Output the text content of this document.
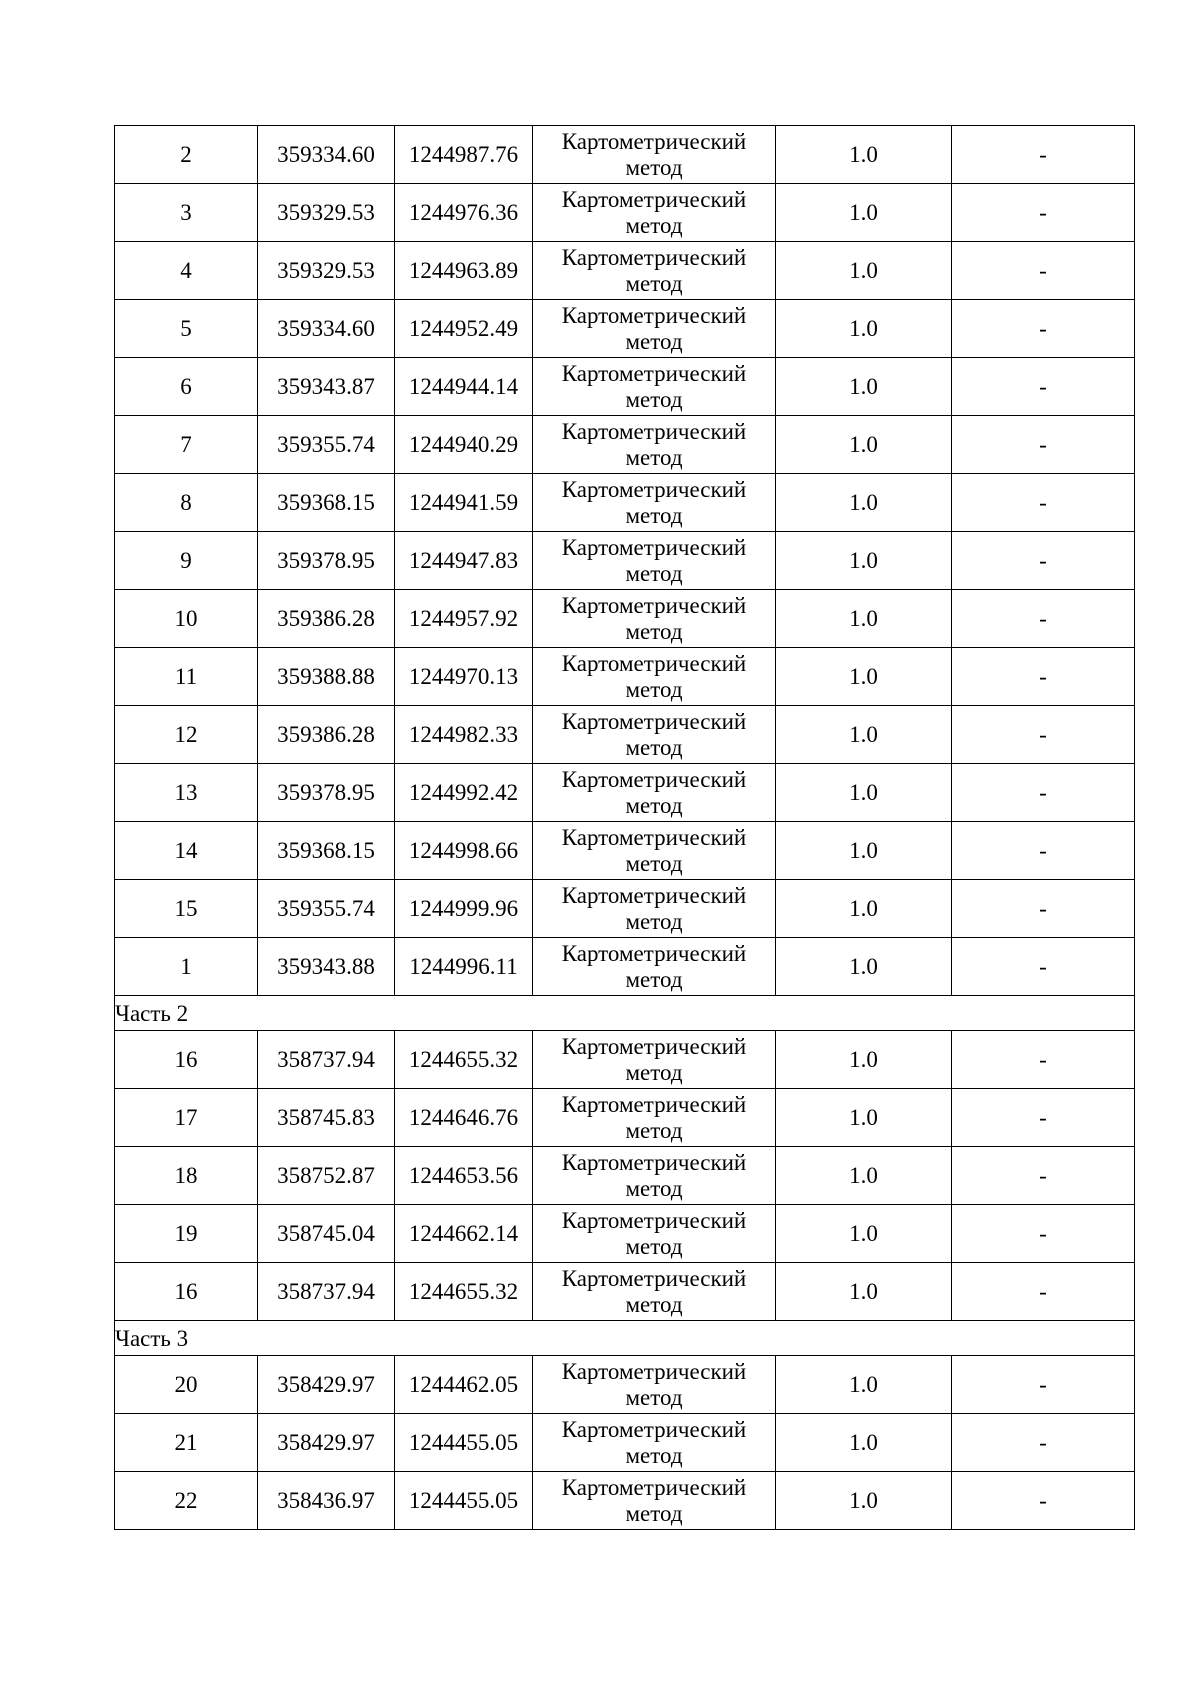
2	359334.60	1244987.76	Картометрический метод	1.0	-
3	359329.53	1244976.36	Картометрический метод	1.0	-
4	359329.53	1244963.89	Картометрический метод	1.0	-
5	359334.60	1244952.49	Картометрический метод	1.0	-
6	359343.87	1244944.14	Картометрический метод	1.0	-
7	359355.74	1244940.29	Картометрический метод	1.0	-
8	359368.15	1244941.59	Картометрический метод	1.0	-
9	359378.95	1244947.83	Картометрический метод	1.0	-
10	359386.28	1244957.92	Картометрический метод	1.0	-
11	359388.88	1244970.13	Картометрический метод	1.0	-
12	359386.28	1244982.33	Картометрический метод	1.0	-
13	359378.95	1244992.42	Картометрический метод	1.0	-
14	359368.15	1244998.66	Картометрический метод	1.0	-
15	359355.74	1244999.96	Картометрический метод	1.0	-
1	359343.88	1244996.11	Картометрический метод	1.0	-
Часть 2					
16	358737.94	1244655.32	Картометрический метод	1.0	-
17	358745.83	1244646.76	Картометрический метод	1.0	-
18	358752.87	1244653.56	Картометрический метод	1.0	-
19	358745.04	1244662.14	Картометрический метод	1.0	-
16	358737.94	1244655.32	Картометрический метод	1.0	-
Часть 3					
20	358429.97	1244462.05	Картометрический метод	1.0	-
21	358429.97	1244455.05	Картометрический метод	1.0	-
22	358436.97	1244455.05	Картометрический метод	1.0	-
